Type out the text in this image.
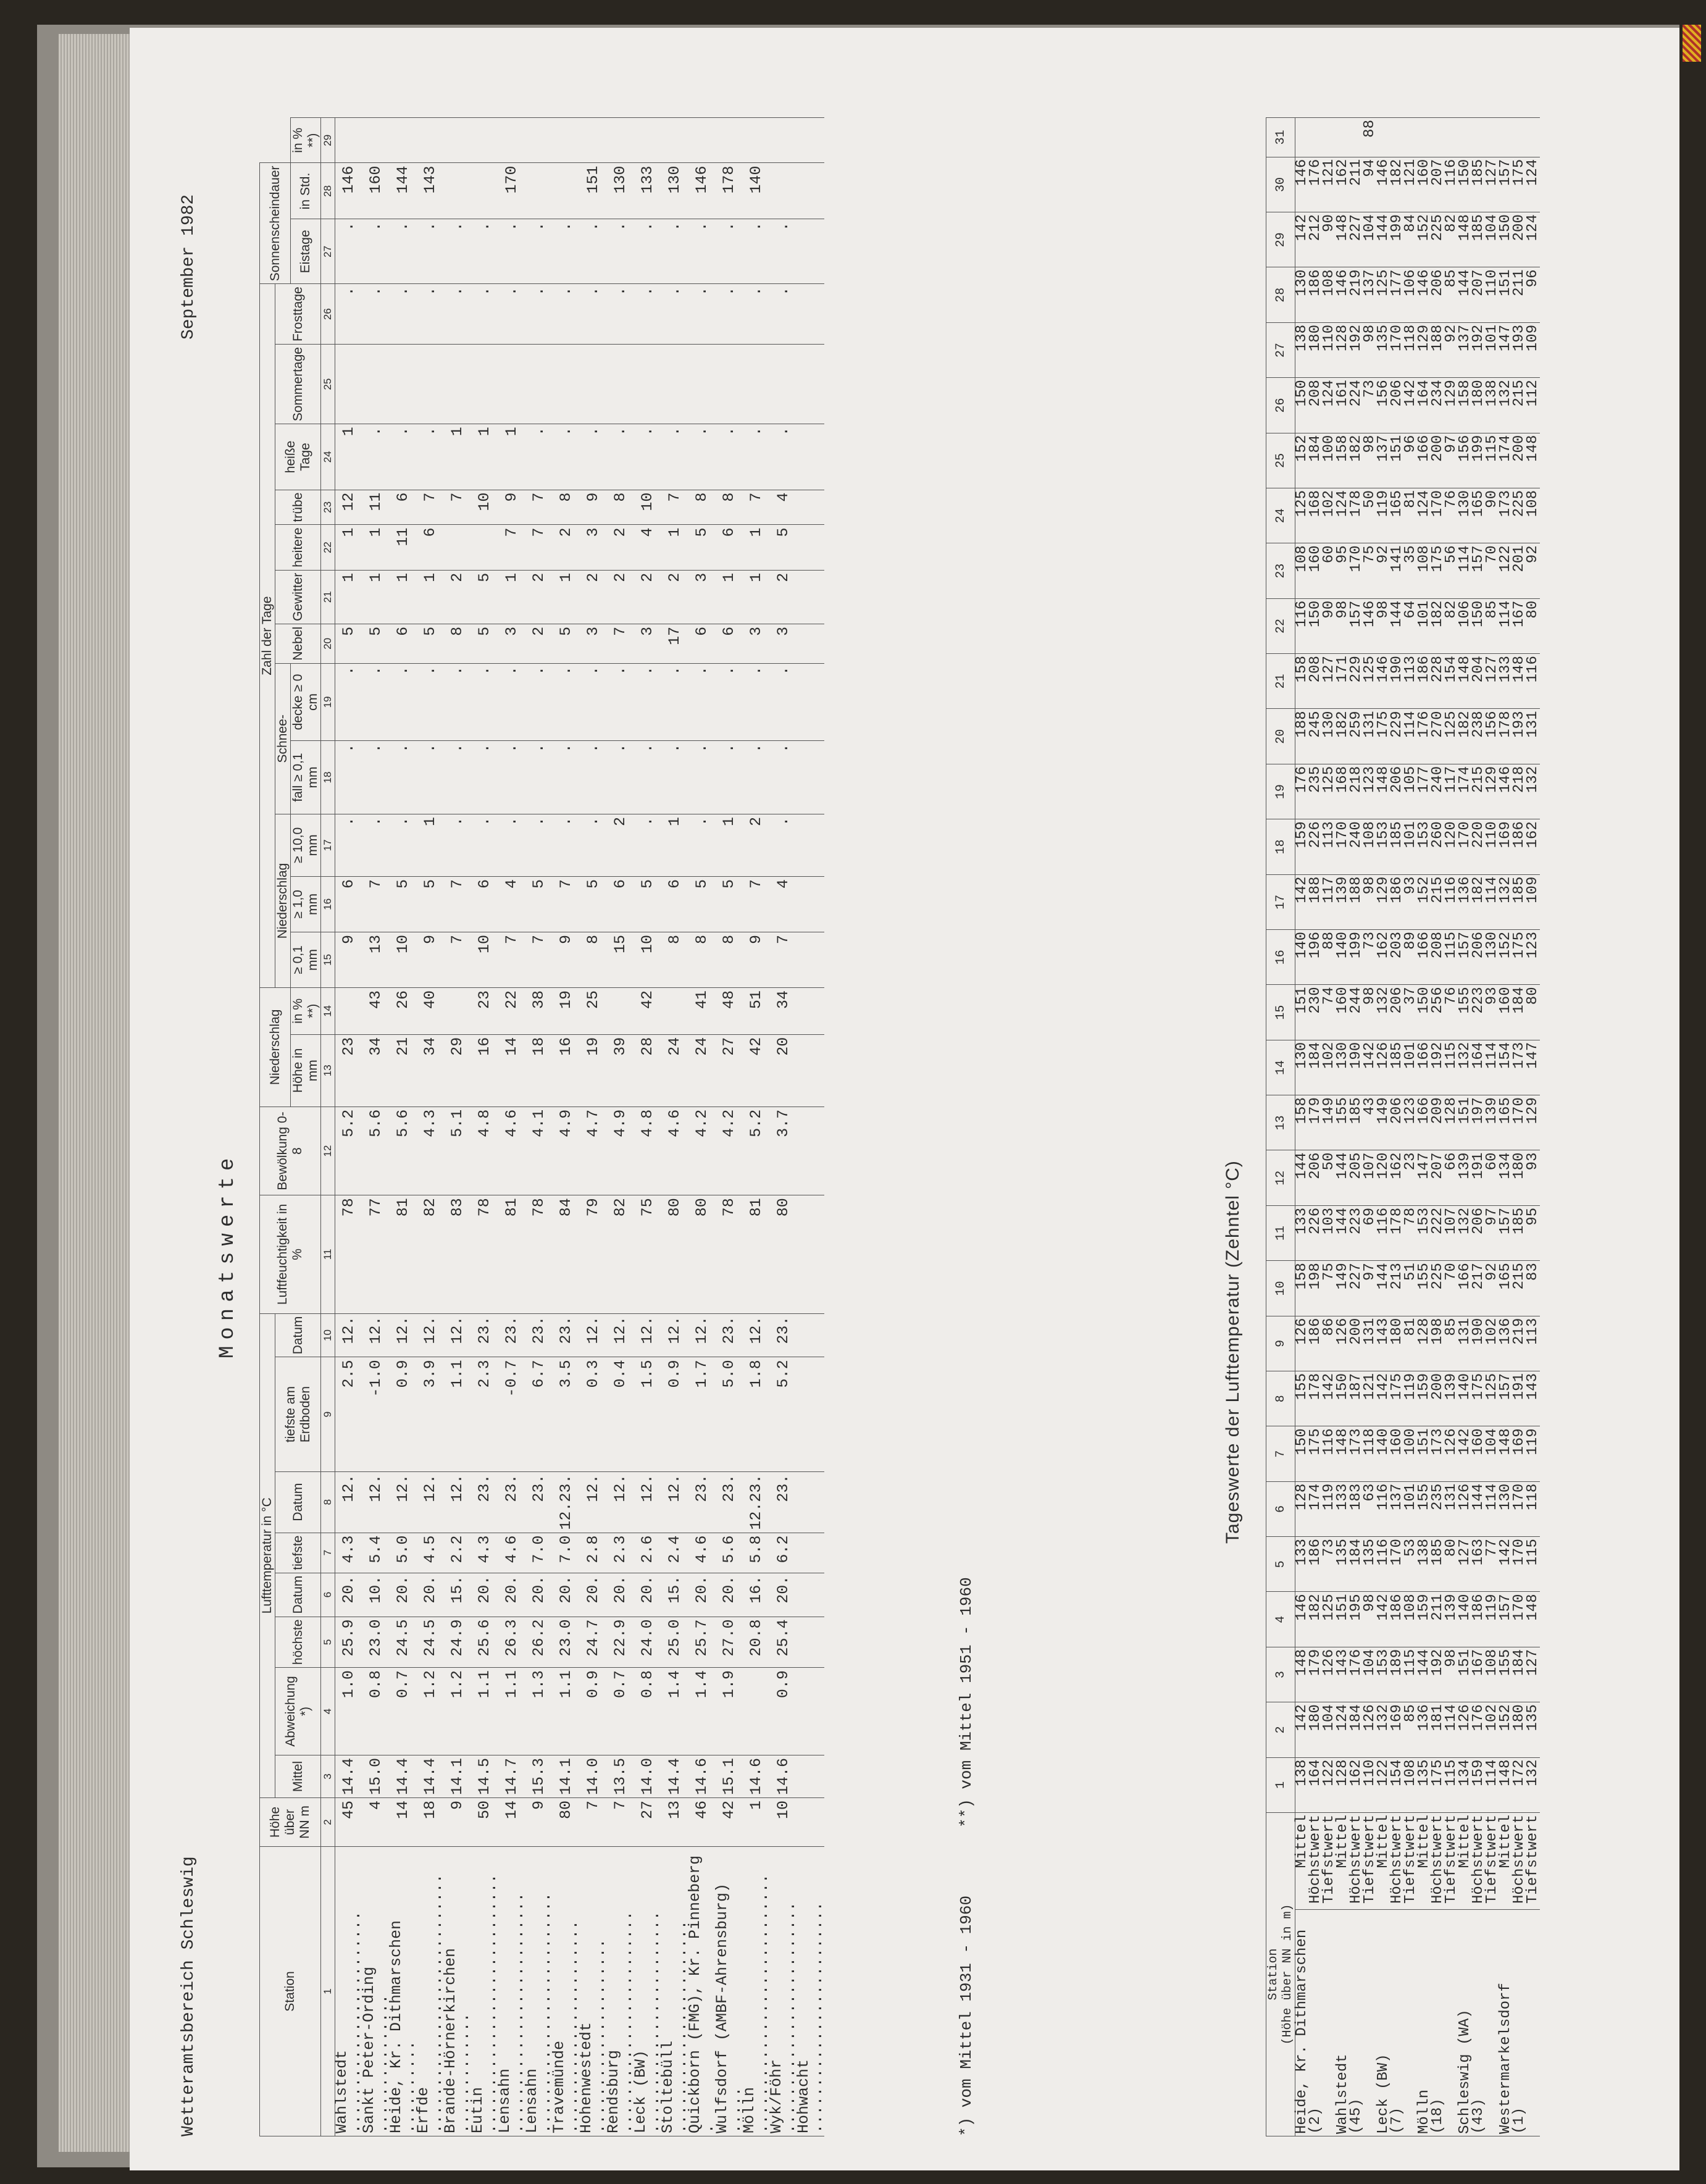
Wetteramtsbereich Schleswig
Monatswerte
September 1982
Station	Höhe über NN m	Lufttemperatur in °C								Luftfeuchtigkeit in %	Bewölkung 0-8	Niederschlag		Zahl der Tage												Sonnenscheindauer		
		Mittel	Abweichung *)	höchste	Datum	tiefste	Datum	tiefste am Erdboden	Datum					Niederschlag			Schnee-		Nebel	Gewitter	heitere	trübe	heiße Tage	Sommertage	Frosttage			
												Höhe in mm	in % **)	≥ 0,1 mm	≥ 1,0 mm	≥ 10,0 mm	fall ≥ 0,1 mm	decke ≥ 0 cm								Eistage	in Std.	in % **)
1	2	3	4	5	6	7	8	9	10	11	12	13	14	15	16	17	18	19	20	21	22	23	24	25	26	27	28	29
Wahlstedt ........................	45	14.4	1.0	25.9	20.	4.3	12.	2.5	12.	78	5.2	23		9	6	.	.	.	5	1	1	12	1		.	.	146	
Sankt Peter-Ording ...............	4	15.0	0.8	23.0	10.	5.4	12.	-1.0	12.	77	5.6	34	43	13	7	.	.	.	5	1	1	11	.		.	.	160	
Heide, Kr. Dithmarschen ..........	14	14.4	0.7	24.5	20.	5.0	12.	0.9	12.	81	5.6	21	26	10	5	.	.	.	6	1	11	6	.		.	.	144	
Erfde ............................	18	14.4	1.2	24.5	20.	4.5	12.	3.9	12.	82	4.3	34	40	9	5	1	.	.	5	1	6	7	.		.	.	143	
Brande-Hörnerkirchen .............	9	14.1	1.2	24.9	15.	2.2	12.	1.1	12.	83	5.1	29		7	7	.	.	.	8	2		7	1		.	.		
Eutin ............................	50	14.5	1.1	25.6	20.	4.3	23.	2.3	23.	78	4.8	16	23	10	6	.	.	.	5	5		10	1		.	.		
Lensahn ..........................	14	14.7	1.1	26.3	20.	4.6	23.	-0.7	23.	81	4.6	14	22	7	4	.	.	.	3	1	7	9	1		.	.	170	
Lensahn ..........................	9	15.3	1.3	26.2	20.	7.0	23.	6.7	23.	78	4.1	18	38	7	5	.	.	.	2	2	7	7	.		.	.		
Travemünde .......................	80	14.1	1.1	23.0	20.	7.0	12.23.	3.5	23.	84	4.9	16	19	9	7	.	.	.	5	1	2	8	.		.	.		
Hohenwestedt .....................	7	14.0	0.9	24.7	20.	2.8	12.	0.3	12.	79	4.7	19	25	8	5	.	.	.	3	2	3	9	.		.	.	151	
Rendsburg ........................	7	13.5	0.7	22.9	20.	2.3	12.	0.4	12.	82	4.9	39		15	6	2	.	.	7	2	2	8	.		.	.	130	
Leck (BW) ........................	27	14.0	0.8	24.0	20.	2.6	12.	1.5	12.	75	4.8	28	42	10	5	.	.	.	3	2	4	10	.		.	.	133	
Stoltebüll .......................	13	14.4	1.4	25.0	15.	2.4	12.	0.9	12.	80	4.6	24		8	6	1	.	.	17	2	1	7	.		.	.	130	
Quickborn (FMG), Kr. Pinneberg .	46	14.6	1.4	25.7	20.	4.6	23.	1.7	12.	80	4.2	24	41	8	5	.	.	.	6	3	5	8	.		.	.	146	
Wulfsdorf (AMBF-Ahrensburg) .....	42	15.1	1.9	27.0	20.	5.6	23.	5.0	23.	78	4.2	27	48	8	5	1	.	.	6	1	6	8	.		.	.	178	
Mölln ............................	1	14.6		20.8	16.	5.8	12.23.	1.8	12.	81	5.2	42	51	9	7	2	.	.	3	1	1	7	.		.	.	140	
Wyk/Föhr .........................	10	14.6	0.9	25.4	20.	6.2	23.	5.2	23.	80	3.7	20	34	7	4	.	.	.	3	2	5	4	.		.	.		
Hohwacht .........................																													*) vom Mittel 1931 - 1960
**) vom Mittel 1951 - 1960
Tageswerte der Lufttemperatur (Zehntel °C)
Station
(Höhe über NN in m)		1	2	3	4	5	6	7	8	9	10	11	12	13	14	15	16	17	18	19	20	21	22	23	24	25	26	27	28	29	30	31
Heide, Kr. Dithmarschen	Mittel	138	142	148	146	133	128	150	155	126	158	133	144	158	130	151	140	142	159	176	188	158	116	108	125	152	150	138	130	142	146	
(2)	Höchstwert	164	180	179	182	186	174	175	178	186	198	226	206	179	184	230	196	188	226	235	245	208	150	160	168	184	208	180	186	212	176	
	Tiefstwert	122	104	126	125	73	119	116	142	86	75	103	50	149	102	74	88	117	113	125	130	127	90	60	102	100	124	110	108	90	121	
Wahlstedt	Mittel	128	124	143	151	135	133	148	150	126	149	144	144	155	130	160	140	139	170	168	182	171	98	95	124	158	161	128	146	148	162	
(45)	Höchstwert	162	184	176	195	184	183	173	187	200	227	223	205	185	190	244	199	188	240	218	259	229	157	170	178	182	224	192	219	227	211	
	Tiefstwert	110	126	104	98	135	63	118	121	131	97	69	107	43	142	98	73	98	108	123	131	125	146	75	50	98	73	98	137	104	94	88
Leck (BW)	Mittel	122	132	153	142	116	116	140	142	143	144	116	120	149	126	132	162	129	153	148	175	146	98	92	119	137	156	135	125	144	146	
(7)	Höchstwert	154	169	189	186	170	137	160	175	180	213	178	162	206	185	206	203	186	185	206	229	190	144	141	165	151	206	170	177	199	182	
	Tiefstwert	108	85	115	108	53	101	100	119	81	51	78	23	123	101	37	89	93	101	105	114	113	64	35	81	96	142	118	106	84	121	
Mölln	Mittel	135	136	144	159	138	155	151	159	128	155	153	147	166	166	150	166	152	153	177	176	186	101	108	124	166	164	129	146	152	160	
(18)	Höchstwert	175	181	192	211	185	235	173	200	198	225	222	207	209	192	256	208	215	260	240	270	228	182	175	170	200	234	188	206	225	207	
	Tiefstwert	115	114	98	139	80	131	126	139	85	70	107	66	128	115	76	115	116	120	117	125	154	82	56	76	97	129	92	85	82	116	
Schleswig (WA)	Mittel	134	126	151	140	127	126	142	140	131	166	132	139	151	132	155	157	136	170	174	182	148	106	114	130	156	158	137	144	148	150	
(43)	Höchstwert	159	176	167	186	163	144	160	175	190	217	206	191	197	164	223	206	182	220	215	238	204	150	157	165	199	180	192	207	185	185	
	Tiefstwert	114	102	108	119	77	114	104	125	102	92	97	60	139	114	93	130	114	110	129	156	127	85	70	90	115	138	101	110	104	127	
Westermarkelsdorf	Mittel	148	152	155	157	142	130	148	157	136	165	157	134	165	154	160	152	132	169	146	178	133	114	122	173	174	132	147	151	150	157	
(1)	Höchstwert	172	180	184	170	170	170	169	191	219	215	185	180	170	173	184	175	185	186	218	193	148	167	201	225	200	215	193	211	200	175	
	Tiefstwert	132	135	127	148	115	118	119	143	113	83	95	93	129	147	80	123	109	162	132	131	116	80	92	108	148	112	109	96	124	124	
